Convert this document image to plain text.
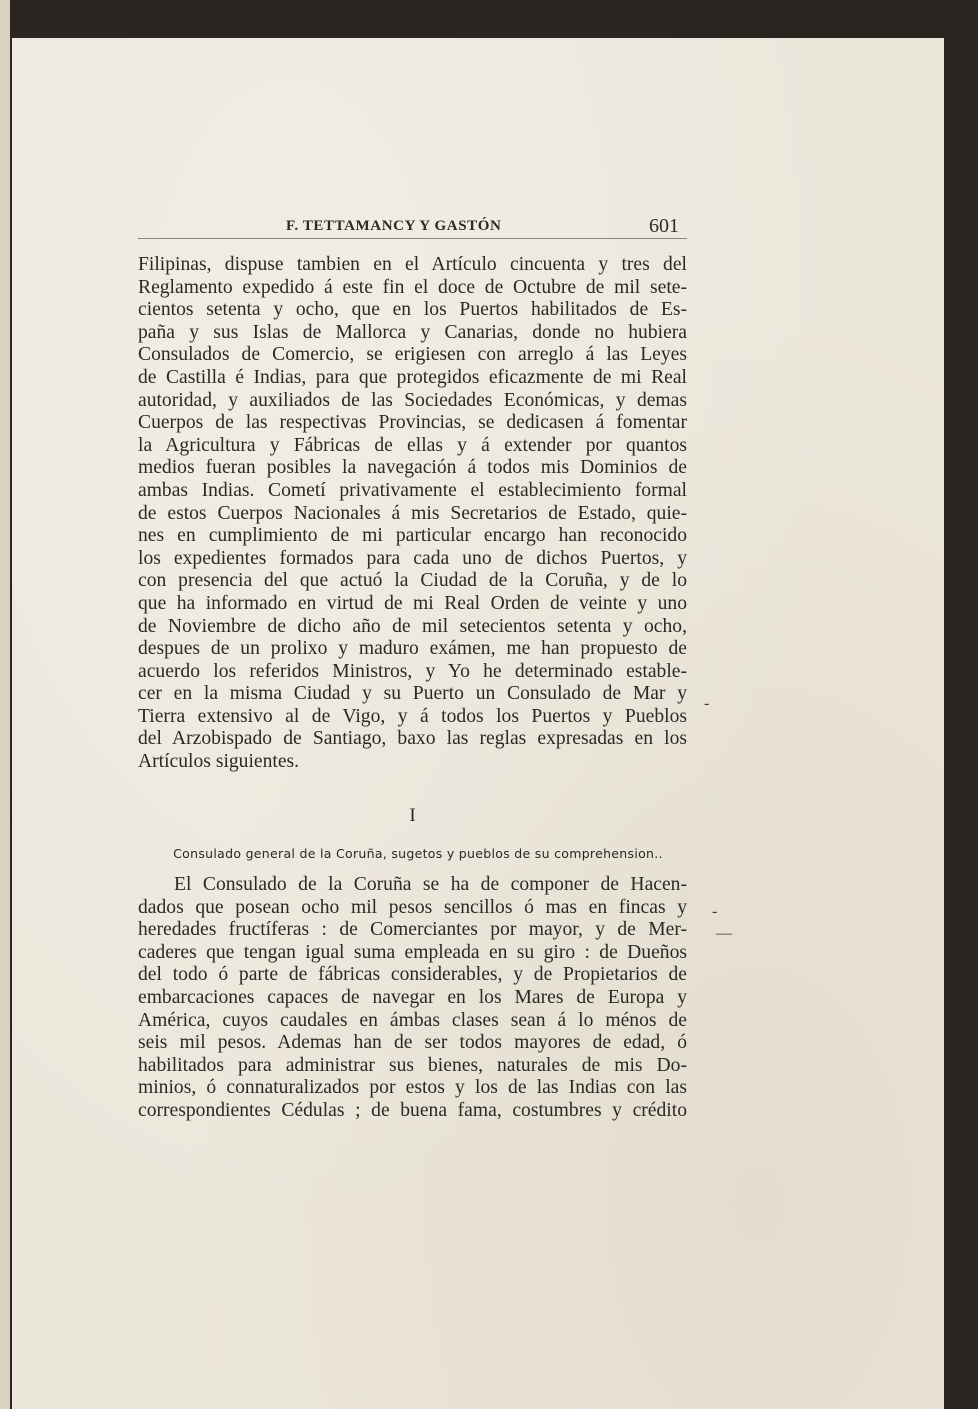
F. TETTAMANCY Y GASTÓN	601
Filipinas, dispuse tambien en el Artículo cincuenta y tres del
Reglamento expedido á este fin el doce de Octubre de mil sete-
cientos setenta y ocho, que en los Puertos habilitados de Es-
paña y sus Islas de Mallorca y Canarias, donde no hubiera
Consulados de Comercio, se erigiesen con arreglo á las Leyes
de Castilla é Indias, para que protegidos eficazmente de mi Real
autoridad, y auxiliados de las Sociedades Económicas, y demas
Cuerpos de las respectivas Provincias, se dedicasen á fomentar
la Agricultura y Fábricas de ellas y á extender por quantos
medios fueran posibles la navegación á todos mis Dominios de
ambas Indias. Cometí privativamente el establecimiento formal
de estos Cuerpos Nacionales á mis Secretarios de Estado, quie-
nes en cumplimiento de mi particular encargo han reconocido
los expedientes formados para cada uno de dichos Puertos, y
con presencia del que actuó la Ciudad de la Coruña, y de lo
que ha informado en virtud de mi Real Orden de veinte y uno
de Noviembre de dicho año de mil setecientos setenta y ocho,
despues de un prolixo y maduro exámen, me han propuesto de
acuerdo los referidos Ministros, y Yo he determinado estable-
cer en la misma Ciudad y su Puerto un Consulado de Mar y
Tierra extensivo al de Vigo, y á todos los Puertos y Pueblos
del Arzobispado de Santiago, baxo las reglas expresadas en los
Artículos siguientes.
I
Consulado general de la Coruña, sugetos y pueblos de su comprehension..
El Consulado de la Coruña se ha de componer de Hacen-
dados que posean ocho mil pesos sencillos ó mas en fincas y
heredades fructíferas : de Comerciantes por mayor, y de Mer-
caderes que tengan igual suma empleada en su giro : de Dueños
del todo ó parte de fábricas considerables, y de Propietarios de
embarcaciones capaces de navegar en los Mares de Europa y
América, cuyos caudales en ámbas clases sean á lo ménos de
seis mil pesos. Ademas han de ser todos mayores de edad, ó
habilitados para administrar sus bienes, naturales de mis Do-
minios, ó connaturalizados por estos y los de las Indias con las
correspondientes Cédulas ; de buena fama, costumbres y crédito
-
-
—
